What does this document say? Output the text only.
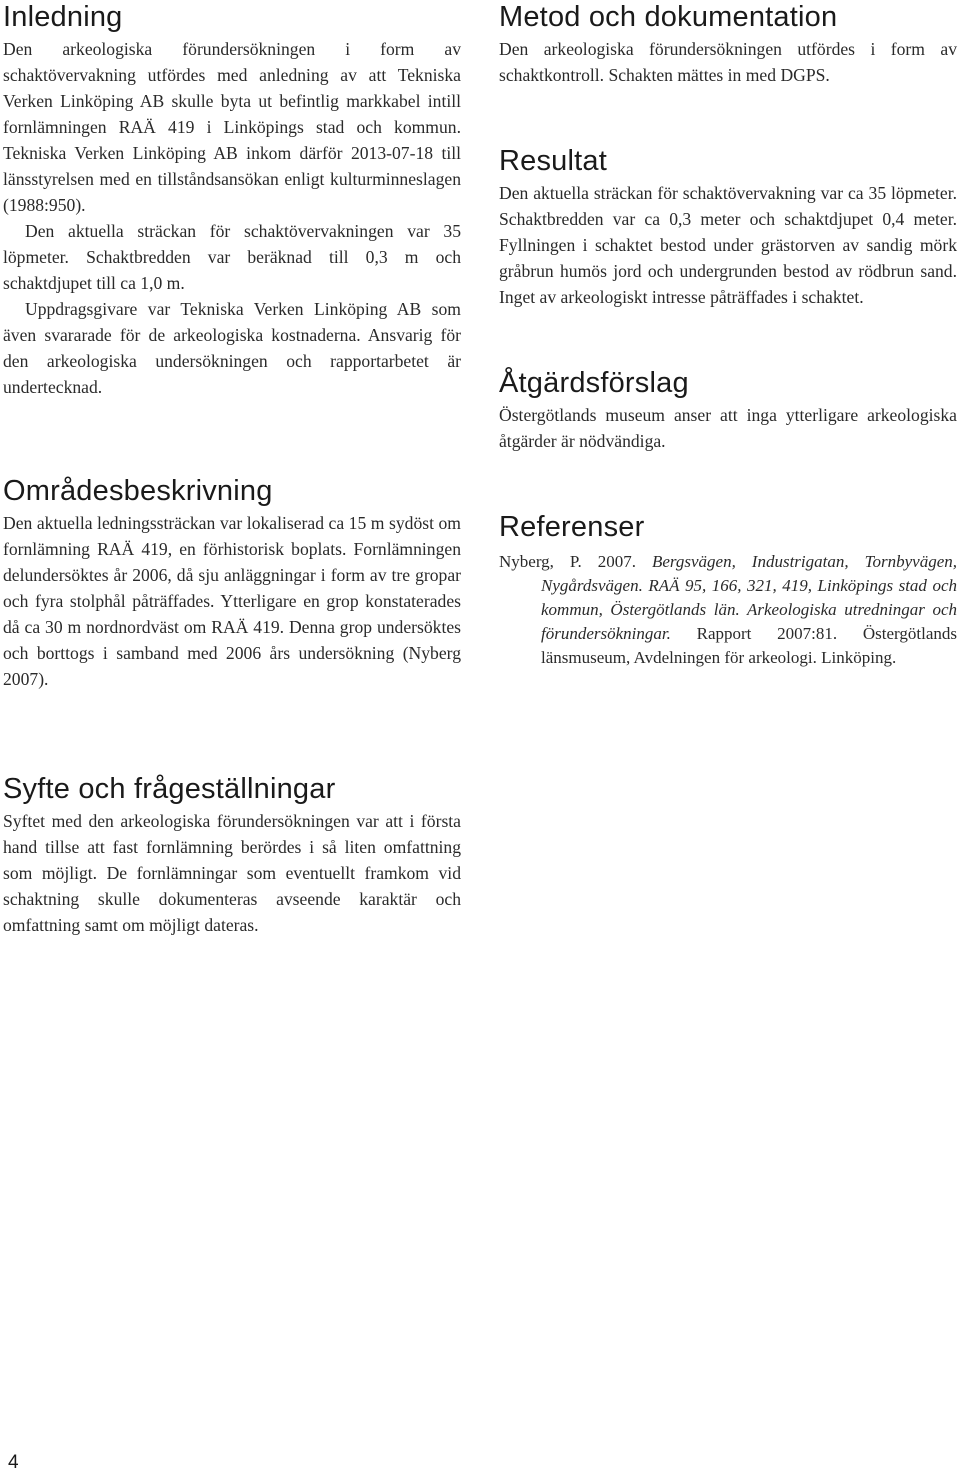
Inledning

Den arkeologiska förundersökningen i form av schaktövervakning utfördes med anledning av att Tekniska Verken Linköping AB skulle byta ut befintlig markkabel intill fornlämningen RAÄ 419 i Linköpings stad och kommun. Tekniska Verken Linköping AB inkom därför 2013-07-18 till länsstyrelsen med en tillståndsansökan enligt kulturminneslagen (1988:950).

Den aktuella sträckan för schaktövervakningen var 35 löpmeter. Schaktbredden var beräknad till 0,3 m och schaktdjupet till ca 1,0 m.

Uppdragsgivare var Tekniska Verken Linköping AB som även svararade för de arkeologiska kostnaderna. Ansvarig för den arkeologiska undersökningen och rapportarbetet är undertecknad.

Områdesbeskrivning

Den aktuella ledningssträckan var lokaliserad ca 15 m sydöst om fornlämning RAÄ 419, en förhistorisk boplats. Fornlämningen delundersöktes år 2006, då sju anläggningar i form av tre gropar och fyra stolphål påträffades. Ytterligare en grop konstaterades då ca 30 m nordnordväst om RAÄ 419. Denna grop undersöktes och borttogs i samband med 2006 års undersökning (Nyberg 2007).

Syfte och frågeställningar

Syftet med den arkeologiska förundersökningen var att i första hand tillse att fast fornlämning berördes i så liten omfattning som möjligt. De fornlämningar som eventuellt framkom vid schaktning skulle dokumenteras avseende karaktär och omfattning samt om möjligt dateras.

Metod och dokumentation

Den arkeologiska förundersökningen utfördes i form av schaktkontroll. Schakten mättes in med DGPS.

Resultat

Den aktuella sträckan för schaktövervakning var ca 35 löpmeter. Schaktbredden var ca 0,3 meter och schaktdjupet 0,4 meter. Fyllningen i schaktet bestod under grästorven av sandig mörk gråbrun humös jord och undergrunden bestod av rödbrun sand. Inget av arkeologiskt intresse påträffades i schaktet.

Åtgärdsförslag

Östergötlands museum anser att inga ytterligare arkeologiska åtgärder är nödvändiga.

Referenser
Nyberg, P. 2007. Bergsvägen, Industrigatan, Tornbyvägen, Nygårdsvägen. RAÄ 95, 166, 321, 419, Linköpings stad och kommun, Östergötlands län. Arkeologiska utredningar och förundersökningar. Rapport 2007:81. Östergötlands länsmuseum, Avdelningen för arkeologi. Linköping.
4
